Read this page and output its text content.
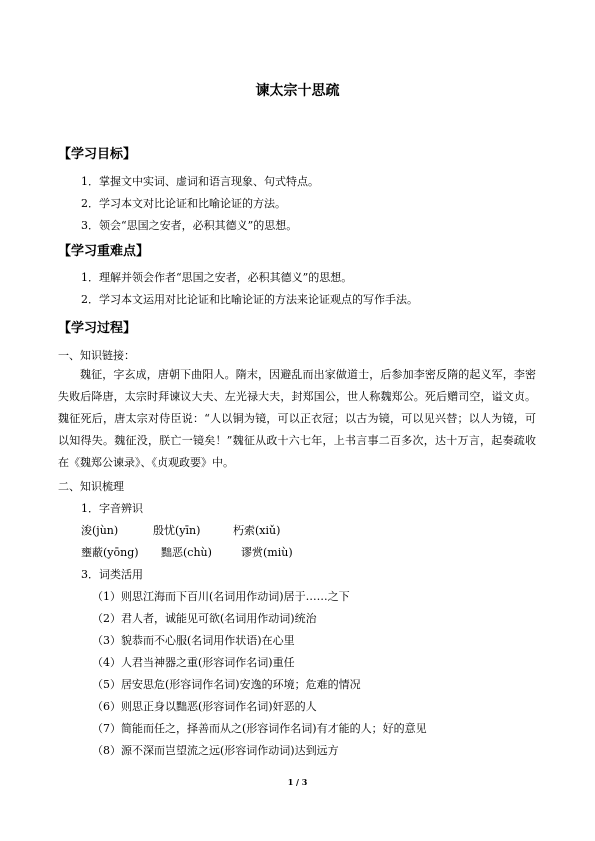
谏太宗十思疏
【学习目标】
1．掌握文中实词、虚词和语言现象、句式特点。
2．学习本文对比论证和比喻论证的方法。
3．领会“思国之安者，必积其德义”的思想。
【学习重难点】
1．理解并领会作者“思国之安者，必积其德义”的思想。
2．学习本文运用对比论证和比喻论证的方法来论证观点的写作手法。
【学习过程】
一、知识链接：

魏征，字玄成，唐朝下曲阳人。隋末，因避乱而出家做道士，后参加李密反隋的起义军，李密失败后降唐，太宗时拜谏议大夫、左光禄大夫，封郑国公，世人称魏郑公。死后赠司空，谥文贞。魏征死后，唐太宗对侍臣说：“人以铜为镜，可以正衣冠；以古为镜，可以见兴替；以人为镜，可以知得失。魏征没，朕亡一镜矣！”魏征从政十六七年，上书言事二百多次，达十万言，起奏疏收在《魏郑公谏录》、《贞观政要》中。

二、知识梳理
1．字音辨识
浚(jùn)	殷忧(yīn)	朽索(xiǔ)
壅蔽(yōng) 黜恶(chù)	谬赏(miù)
3．词类活用
（1）则思江海而下百川(名词用作动词)居于……之下
（2）君人者，诚能见可欲(名词用作动词)统治
（3）貌恭而不心服(名词用作状语)在心里
（4）人君当神器之重(形容词作名词)重任
（5）居安思危(形容词作名词)安逸的环境；危难的情况
（6）则思正身以黜恶(形容词作名词)奸恶的人
（7）简能而任之，择善而从之(形容词作名词)有才能的人；好的意见
（8）源不深而岂望流之远(形容词作动词)达到远方
1 / 3
